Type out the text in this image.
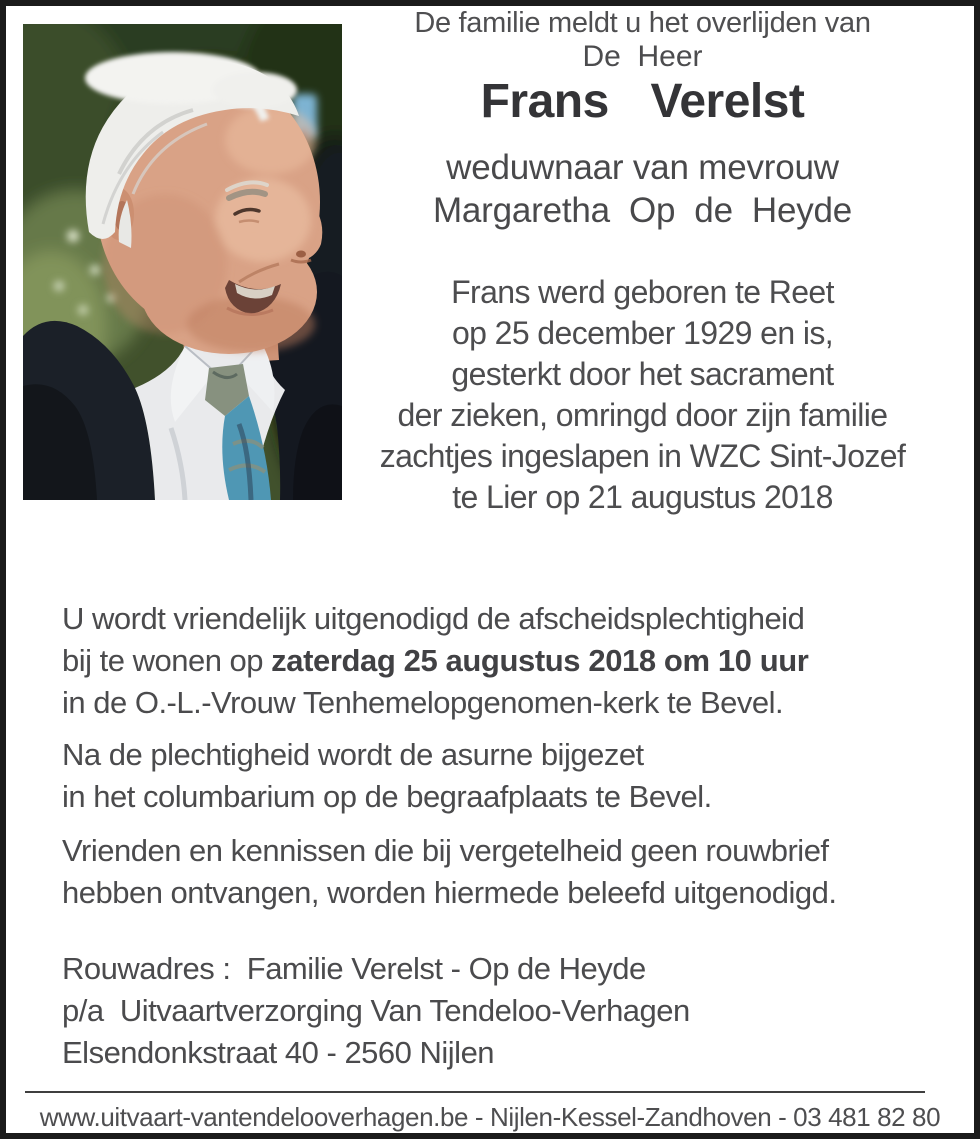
De familie meldt u het overlijden van

De  Heer

Frans  Verelst

weduwnaar van mevrouw

Margaretha  Op  de  Heyde

Frans werd geboren te Reet

op 25 december 1929 en is,

gesterkt door het sacrament

der zieken, omringd door zijn familie

zachtjes ingeslapen in WZC Sint-Jozef

te Lier op 21 augustus 2018

U wordt vriendelijk uitgenodigd de afscheidsplechtigheid
bij te wonen op zaterdag 25 augustus 2018 om 10 uur
in de O.-L.-Vrouw Tenhemelopgenomen-kerk te Bevel.
Na de plechtigheid wordt de asurne bijgezet
in het columbarium op de begraafplaats te Bevel.
Vrienden en kennissen die bij vergetelheid geen rouwbrief
hebben ontvangen, worden hiermede beleefd uitgenodigd.
Rouwadres :  Familie Verelst - Op de Heyde
p/a  Uitvaartverzorging Van Tendeloo-Verhagen
Elsendonkstraat 40 - 2560 Nijlen

www.uitvaart-vantendelooverhagen.be - Nijlen-Kessel-Zandhoven - 03 481 82 80
